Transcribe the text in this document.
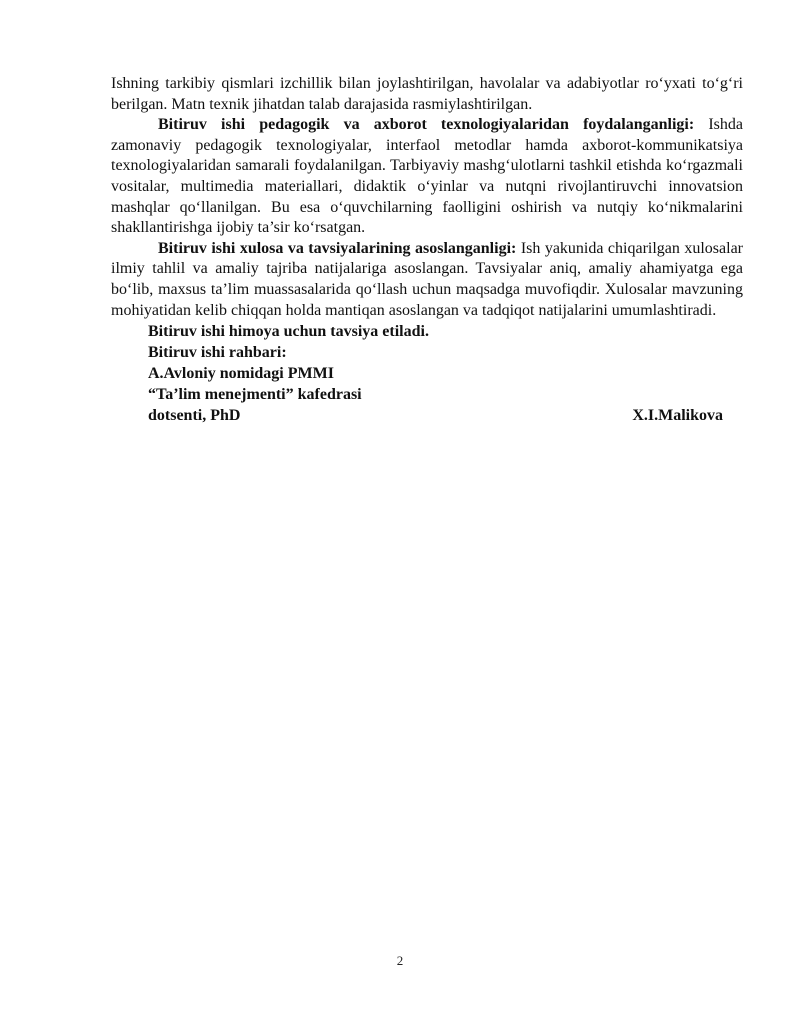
Ishning tarkibiy qismlari izchillik bilan joylashtirilgan, havolalar va adabiyotlar ro‘yxati to‘g‘ri berilgan. Matn texnik jihatdan talab darajasida rasmiylashtirilgan.

Bitiruv ishi pedagogik va axborot texnologiyalaridan foydalanganligi: Ishda zamonaviy pedagogik texnologiyalar, interfaol metodlar hamda axborot-kommunikatsiya texnologiyalaridan samarali foydalanilgan. Tarbiyaviy mashg‘ulotlarni tashkil etishda ko‘rgazmali vositalar, multimedia materiallari, didaktik o‘yinlar va nutqni rivojlantiruvchi innovatsion mashqlar qo‘llanilgan. Bu esa o‘quvchilarning faolligini oshirish va nutqiy ko‘nikmalarini shakllantirishga ijobiy ta’sir ko‘rsatgan.

Bitiruv ishi xulosa va tavsiyalarining asoslanganligi: Ish yakunida chiqarilgan xulosalar ilmiy tahlil va amaliy tajriba natijalariga asoslangan. Tavsiyalar aniq, amaliy ahamiyatga ega bo‘lib, maxsus ta’lim muassasalarida qo‘llash uchun maqsadga muvofiqdir. Xulosalar mavzuning mohiyatidan kelib chiqqan holda mantiqan asoslangan va tadqiqot natijalarini umumlashtiradi.

Bitiruv ishi himoya uchun tavsiya etiladi.

Bitiruv ishi rahbari:

A.Avloniy nomidagi PMMI

“Ta’lim menejmenti” kafedrasi

dotsenti, PhD	X.I.Malikova
2
